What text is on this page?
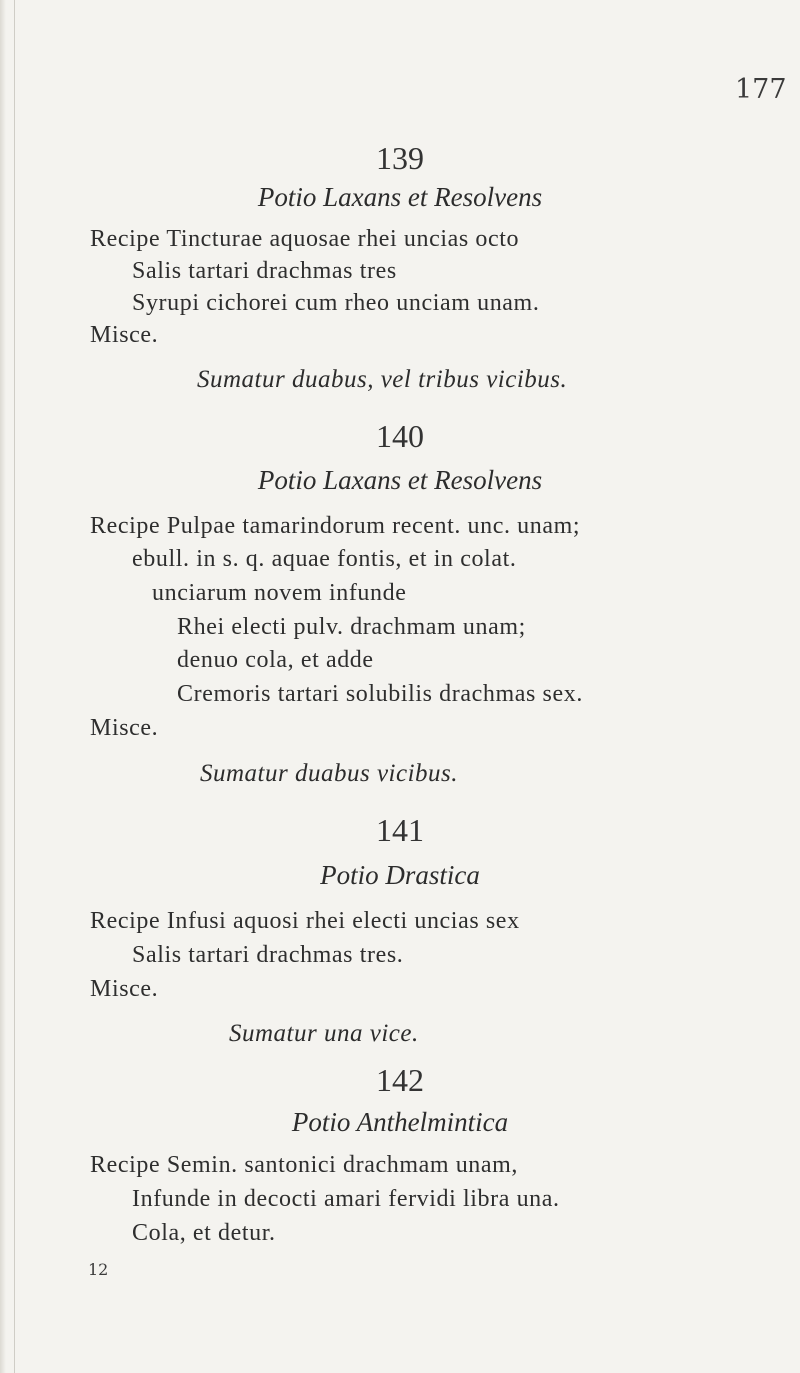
177
139
Potio Laxans et Resolvens
Recipe Tincturae aquosae rhei uncias octo
Salis tartari drachmas tres
Syrupi cichorei cum rheo unciam unam.
Misce.
Sumatur duabus, vel tribus vicibus.
140
Potio Laxans et Resolvens
Recipe Pulpae tamarindorum recent. unc. unam;
ebull. in s. q. aquae fontis, et in colat.
unciarum novem infunde
Rhei electi pulv. drachmam unam;
denuo cola, et adde
Cremoris tartari solubilis drachmas sex.
Misce.
Sumatur duabus vicibus.
141
Potio Drastica
Recipe Infusi aquosi rhei electi uncias sex
Salis tartari drachmas tres.
Misce.
Sumatur una vice.
142
Potio Anthelmintica
Recipe Semin. santonici drachmam unam,
Infunde in decocti amari fervidi libra una.
Cola, et detur.
12
